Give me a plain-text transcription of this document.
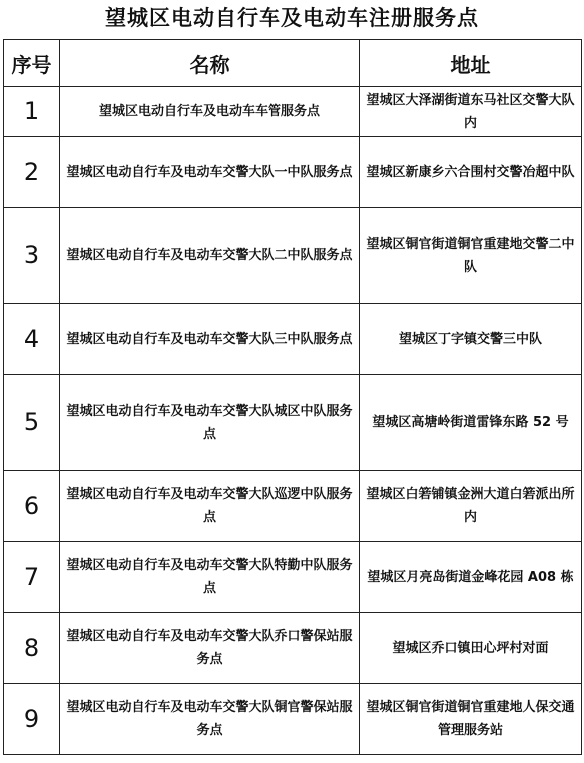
望城区电动自行车及电动车注册服务点
序号	名称	地址
1	望城区电动自行车及电动车车管服务点	望城区大泽湖街道东马社区交警大队内
2	望城区电动自行车及电动车交警大队一中队服务点	望城区新康乡六合围村交警冶超中队
3	望城区电动自行车及电动车交警大队二中队服务点	望城区铜官街道铜官重建地交警二中队
4	望城区电动自行车及电动车交警大队三中队服务点	望城区丁字镇交警三中队
5	望城区电动自行车及电动车交警大队城区中队服务点	望城区高塘岭街道雷锋东路 52 号
6	望城区电动自行车及电动车交警大队巡逻中队服务点	望城区白箬铺镇金洲大道白箬派出所内
7	望城区电动自行车及电动车交警大队特勤中队服务点	望城区月亮岛街道金峰花园 A08 栋
8	望城区电动自行车及电动车交警大队乔口警保站服务点	望城区乔口镇田心坪村对面
9	望城区电动自行车及电动车交警大队铜官警保站服务点	望城区铜官街道铜官重建地人保交通管理服务站
